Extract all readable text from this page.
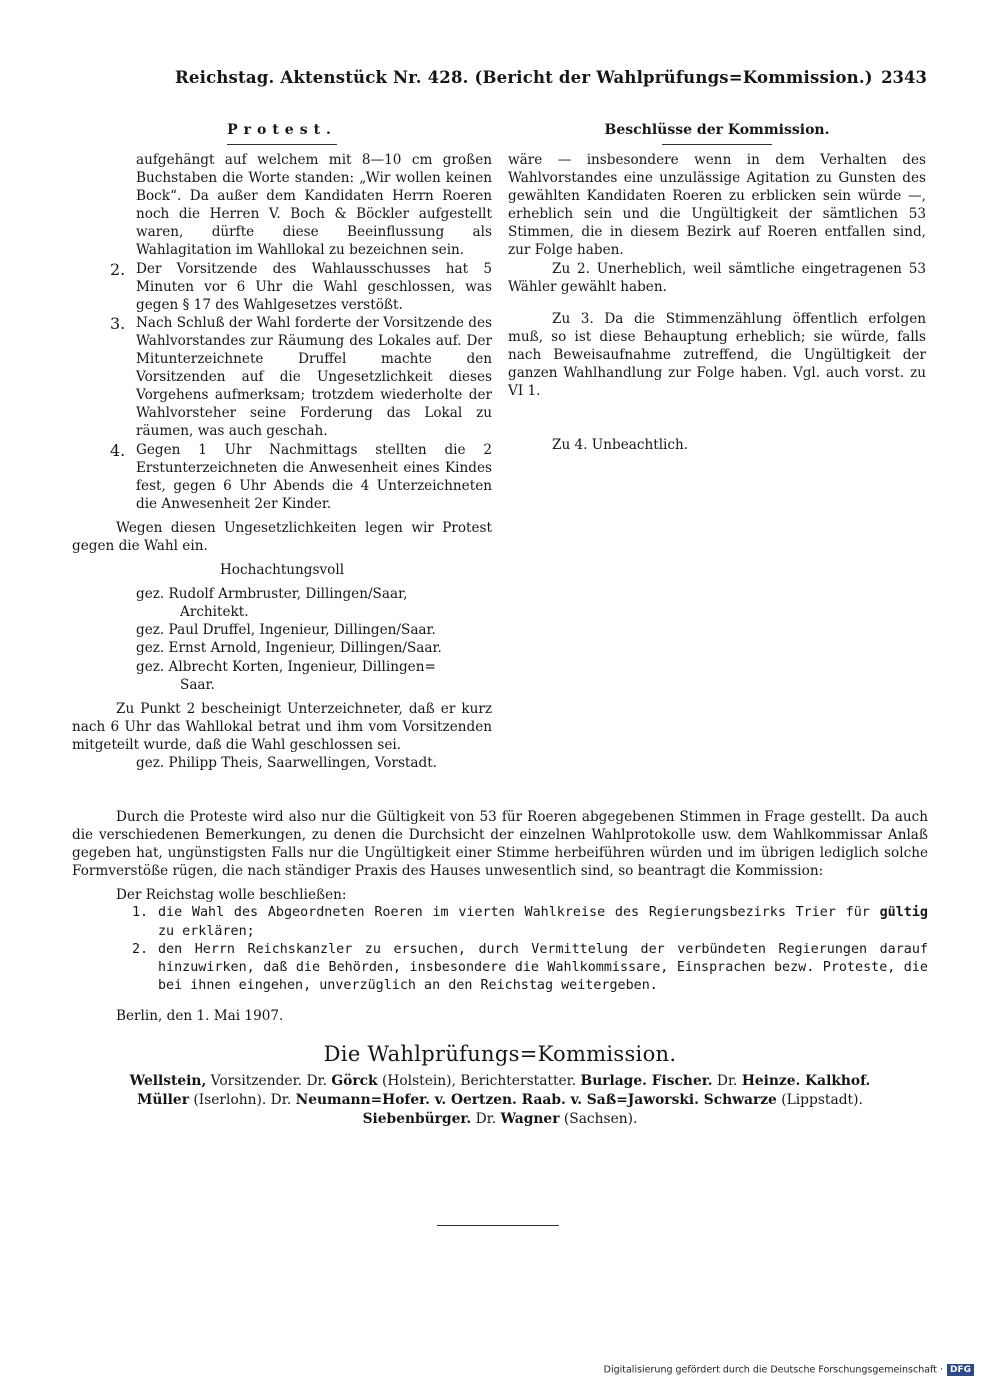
Reichstag. Aktenstück Nr. 428. (Bericht der Wahlprüfungs=Kommission.) 2343
Protest.

aufgehängt auf welchem mit 8—10 cm großen Buchstaben die Worte standen: „Wir wollen keinen Bock“. Da außer dem Kandidaten Herrn Roeren noch die Herren V. Boch & Böckler aufgestellt waren, dürfte diese Beeinflussung als Wahlagitation im Wahllokal zu bezeichnen sein.

2. Der Vorsitzende des Wahlausschusses hat 5 Minuten vor 6 Uhr die Wahl geschlossen, was gegen § 17 des Wahlgesetzes verstößt.

3. Nach Schluß der Wahl forderte der Vorsitzende des Wahlvorstandes zur Räumung des Lokales auf. Der Mitunterzeichnete Druffel machte den Vorsitzenden auf die Ungesetzlichkeit dieses Vorgehens aufmerksam; trotzdem wiederholte der Wahlvorsteher seine Forderung das Lokal zu räumen, was auch geschah.

4. Gegen 1 Uhr Nachmittags stellten die 2 Erstunterzeichneten die Anwesenheit eines Kindes fest, gegen 6 Uhr Abends die 4 Unterzeichneten die Anwesenheit 2er Kinder.

Wegen diesen Ungesetzlichkeiten legen wir Protest gegen die Wahl ein.

Hochachtungsvoll

gez. Rudolf Armbruster, Dillingen/Saar,

Architekt.

gez. Paul Druffel, Ingenieur, Dillingen/Saar.

gez. Ernst Arnold, Ingenieur, Dillingen/Saar.

gez. Albrecht Korten, Ingenieur, Dillingen=

Saar.

Zu Punkt 2 bescheinigt Unterzeichneter, daß er kurz nach 6 Uhr das Wahllokal betrat und ihm vom Vorsitzenden mitgeteilt wurde, daß die Wahl geschlossen sei.

gez. Philipp Theis, Saarwellingen, Vorstadt.

Beschlüsse der Kommission.

wäre — insbesondere wenn in dem Verhalten des Wahlvorstandes eine unzulässige Agitation zu Gunsten des gewählten Kandidaten Roeren zu erblicken sein würde —, erheblich sein und die Ungültigkeit der sämtlichen 53 Stimmen, die in diesem Bezirk auf Roeren entfallen sind, zur Folge haben.

Zu 2. Unerheblich, weil sämtliche eingetragenen 53 Wähler gewählt haben.

Zu 3. Da die Stimmenzählung öffentlich erfolgen muß, so ist diese Behauptung erheblich; sie würde, falls nach Beweisaufnahme zutreffend, die Ungültigkeit der ganzen Wahlhandlung zur Folge haben. Vgl. auch vorst. zu VI 1.

Zu 4. Unbeachtlich.

Durch die Proteste wird also nur die Gültigkeit von 53 für Roeren abgegebenen Stimmen in Frage gestellt. Da auch die verschiedenen Bemerkungen, zu denen die Durchsicht der einzelnen Wahlprotokolle usw. dem Wahlkommissar Anlaß gegeben hat, ungünstigsten Falls nur die Ungültigkeit einer Stimme herbeiführen würden und im übrigen lediglich solche Formverstöße rügen, die nach ständiger Praxis des Hauses unwesentlich sind, so beantragt die Kommission:

Der Reichstag wolle beschließen:

1. die Wahl des Abgeordneten Roeren im vierten Wahlkreise des Regierungsbezirks Trier für gültig zu erklären;
2. den Herrn Reichskanzler zu ersuchen, durch Vermittelung der verbündeten Regierungen darauf hinzuwirken, daß die Behörden, insbesondere die Wahlkommissare, Einsprachen bezw. Proteste, die bei ihnen eingehen, unverzüglich an den Reichstag weitergeben.

Berlin, den 1. Mai 1907.

Die Wahlprüfungs=Kommission.
Wellstein, Vorsitzender. Dr. Görck (Holstein), Berichterstatter. Burlage. Fischer. Dr. Heinze. Kalkhof.
Müller (Iserlohn). Dr. Neumann=Hofer. v. Oertzen. Raab. v. Saß=Jaworski. Schwarze (Lippstadt).
Siebenbürger. Dr. Wagner (Sachsen).
Digitalisierung gefördert durch die Deutsche Forschungsgemeinschaft · DFG
